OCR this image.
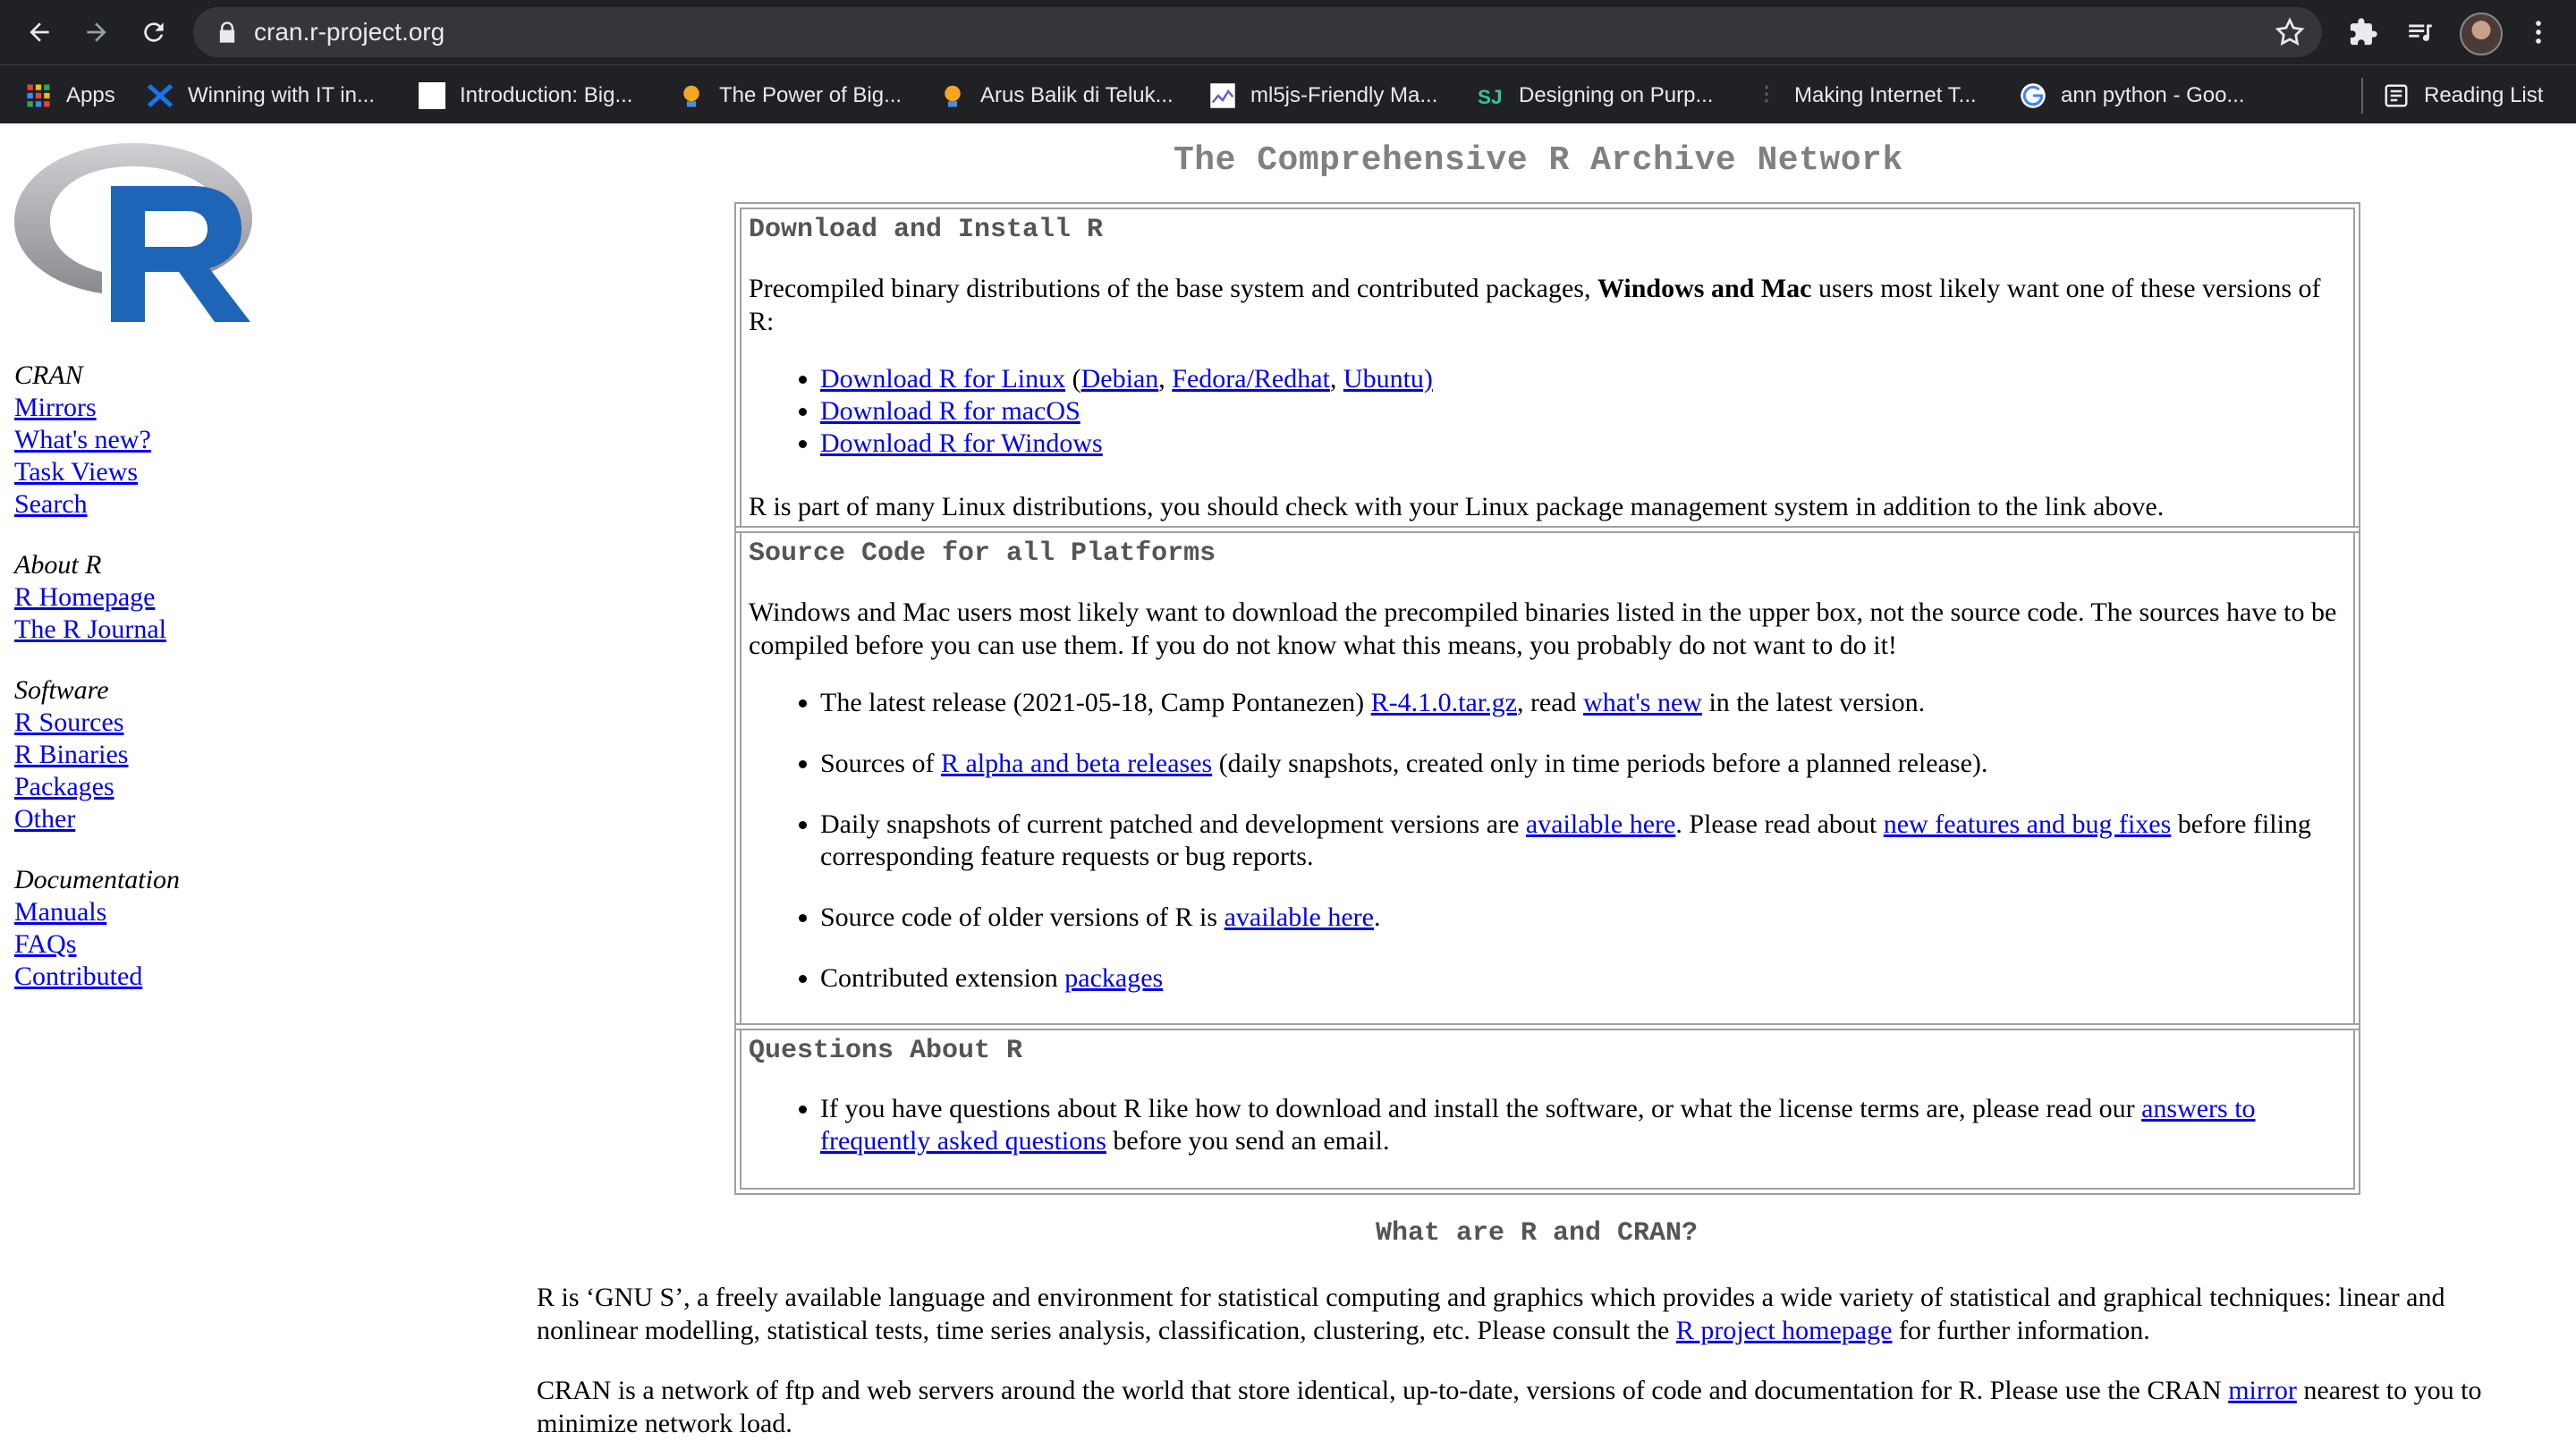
cran.r-project.org
Apps	Winning with IT in...	Introduction: Big...	The Power of Big...	Arus Balik di Teluk...	ml5js-Friendly Ma... SJ Designing on Purp...	Making Internet T...	ann python - Goo...	Reading List
CRAN
Mirrors
What's new?
Task Views
Search
About R
R Homepage
The R Journal
Software
R Sources
R Binaries
Packages
Other
Documentation
Manuals
FAQs
Contributed
The Comprehensive R Archive Network
Download and Install R

Precompiled binary distributions of the base system and contributed packages, Windows and Mac users most likely want one of these versions of R:

• Download R for Linux (Debian, Fedora/Redhat, Ubuntu)
• Download R for macOS
• Download R for Windows

R is part of many Linux distributions, you should check with your Linux package management system in addition to the link above.

Source Code for all Platforms

Windows and Mac users most likely want to download the precompiled binaries listed in the upper box, not the source code. The sources have to be compiled before you can use them. If you do not know what this means, you probably do not want to do it!

• The latest release (2021-05-18, Camp Pontanezen) R-4.1.0.tar.gz, read what's new in the latest version.
• Sources of R alpha and beta releases (daily snapshots, created only in time periods before a planned release).
• Daily snapshots of current patched and development versions are available here. Please read about new features and bug fixes before filing corresponding feature requests or bug reports.
• Source code of older versions of R is available here.
• Contributed extension packages
Questions About R
• If you have questions about R like how to download and install the software, or what the license terms are, please read our answers to frequently asked questions before you send an email.
What are R and CRAN?
R is ‘GNU S’, a freely available language and environment for statistical computing and graphics which provides a wide variety of statistical and graphical techniques: linear and nonlinear modelling, statistical tests, time series analysis, classification, clustering, etc. Please consult the R project homepage for further information.
CRAN is a network of ftp and web servers around the world that store identical, up-to-date, versions of code and documentation for R. Please use the CRAN mirror nearest to you to minimize network load.
